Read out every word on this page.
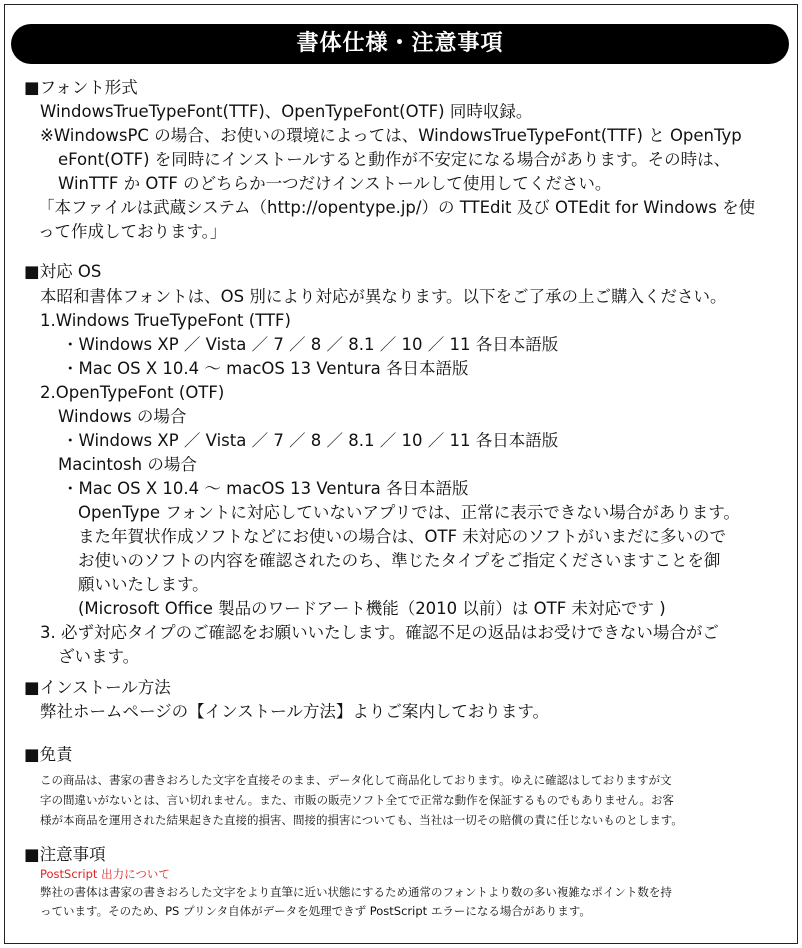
書体仕様・注意事項
■フォント形式
WindowsTrueTypeFont(TTF)、OpenTypeFont(OTF) 同時収録。
※WindowsPC の場合、お使いの環境によっては、WindowsTrueTypeFont(TTF) と OpenTyp
eFont(OTF) を同時にインストールすると動作が不安定になる場合があります。その時は、
WinTTF か OTF のどちらか一つだけインストールして使用してください。
「本ファイルは武蔵システム（http://opentype.jp/）の TTEdit 及び OTEdit for Windows を使
って作成しております。」
■対応 OS
本昭和書体フォントは、OS 別により対応が異なります。以下をご了承の上ご購入ください。
1.Windows TrueTypeFont (TTF)
・Windows XP ／ Vista ／ 7 ／ 8 ／ 8.1 ／ 10 ／ 11 各日本語版
・Mac OS X 10.4 〜 macOS 13 Ventura 各日本語版
2.OpenTypeFont (OTF)
Windows の場合
・Windows XP ／ Vista ／ 7 ／ 8 ／ 8.1 ／ 10 ／ 11 各日本語版
Macintosh の場合
・Mac OS X 10.4 〜 macOS 13 Ventura 各日本語版
OpenType フォントに対応していないアプリでは、正常に表示できない場合があります。
また年賀状作成ソフトなどにお使いの場合は、OTF 未対応のソフトがいまだに多いので
お使いのソフトの内容を確認されたのち、準じたタイプをご指定くださいますことを御
願いいたします。
(Microsoft Office 製品のワードアート機能（2010 以前）は OTF 未対応です )
3. 必ず対応タイプのご確認をお願いいたします。確認不足の返品はお受けできない場合がご
ざいます。
■インストール方法
弊社ホームページの【インストール方法】よりご案内しております。
■免責
この商品は、書家の書きおろした文字を直接そのまま、データ化して商品化しております。ゆえに確認はしておりますが文
字の間違いがないとは、言い切れません。また、市販の販売ソフト全てで正常な動作を保証するものでもありません。お客
様が本商品を運用された結果起きた直接的損害、間接的損害についても、当社は一切その賠償の責に任じないものとします。
■注意事項
PostScript 出力について
弊社の書体は書家の書きおろした文字をより直筆に近い状態にするため通常のフォントより数の多い複雑なポイント数を持
っています。そのため、PS プリンタ自体がデータを処理できず PostScript エラーになる場合があります。
